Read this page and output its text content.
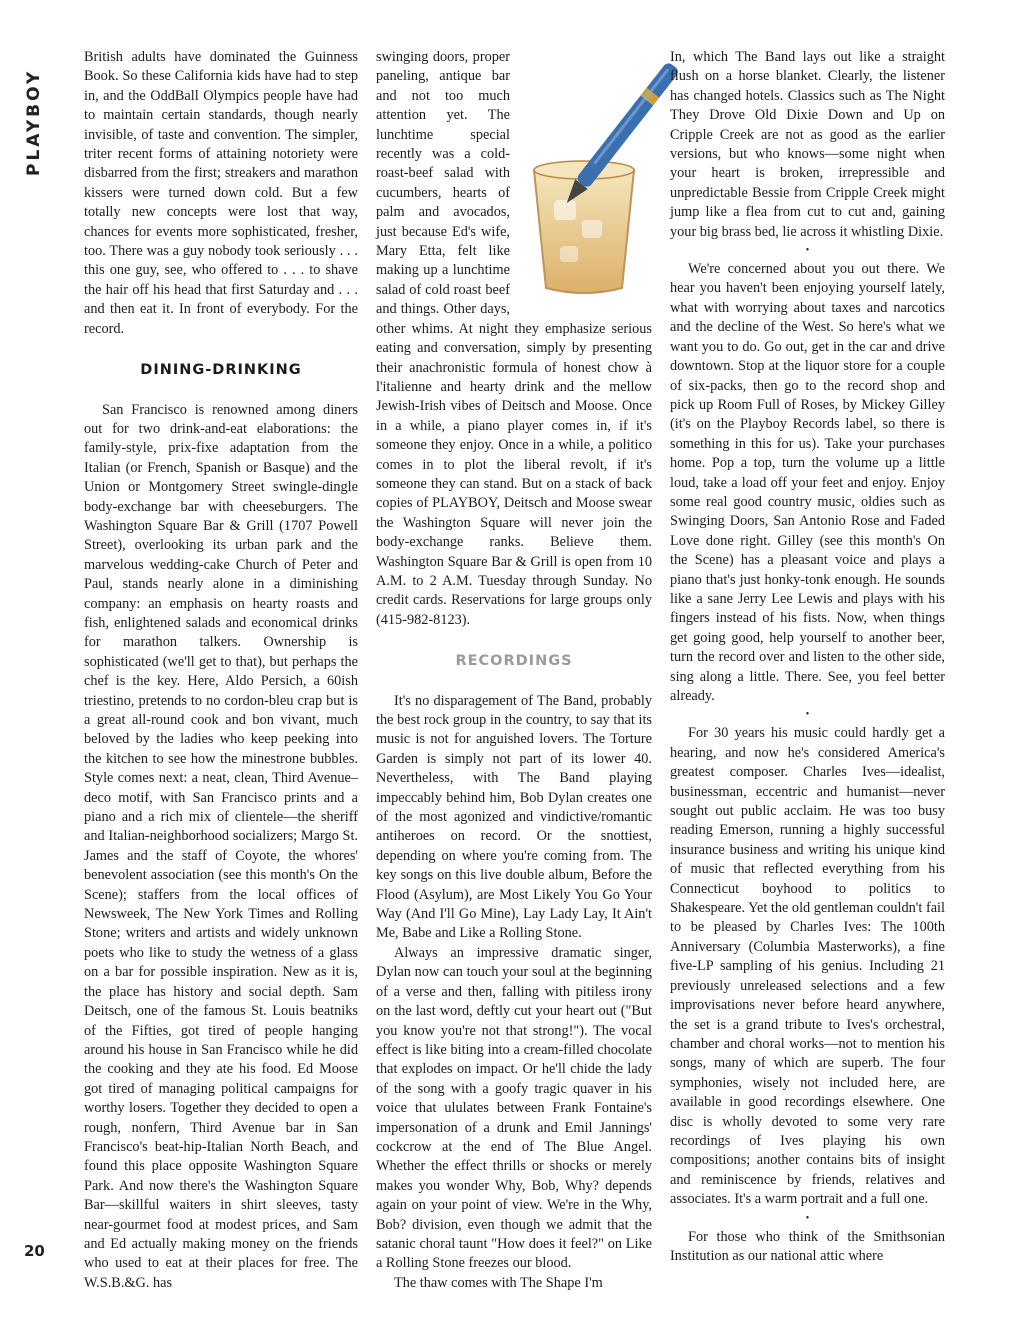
PLAYBOY
20

British adults have dominated the Guinness Book. So these California kids have had to step in, and the OddBall Olympics people have had to maintain certain standards, though nearly invisible, of taste and convention. The simpler, triter recent forms of attaining notoriety were disbarred from the first; streakers and marathon kissers were turned down cold. But a few totally new concepts were lost that way, chances for events more sophisticated, fresher, too. There was a guy nobody took seriously . . . this one guy, see, who offered to . . . to shave the hair off his head that first Saturday and . . . and then eat it. In front of everybody. For the record.

DINING-DRINKING

San Francisco is renowned among diners out for two drink-and-eat elaborations: the family-style, prix-fixe adaptation from the Italian (or French, Spanish or Basque) and the Union or Montgomery Street swingle-dingle body-exchange bar with cheeseburgers. The Washington Square Bar & Grill (1707 Powell Street), overlooking its urban park and the marvelous wedding-cake Church of Peter and Paul, stands nearly alone in a diminishing company: an emphasis on hearty roasts and fish, enlightened salads and economical drinks for marathon talkers. Ownership is sophisticated (we'll get to that), but perhaps the chef is the key. Here, Aldo Persich, a 60ish triestino, pretends to no cordon-bleu crap but is a great all-round cook and bon vivant, much beloved by the ladies who keep peeking into the kitchen to see how the minestrone bubbles. Style comes next: a neat, clean, Third Avenue–deco motif, with San Francisco prints and a piano and a rich mix of clientele—the sheriff and Italian-neighborhood socializers; Margo St. James and the staff of Coyote, the whores' benevolent association (see this month's On the Scene); staffers from the local offices of Newsweek, The New York Times and Rolling Stone; writers and artists and widely unknown poets who like to study the wetness of a glass on a bar for possible inspiration. New as it is, the place has history and social depth. Sam Deitsch, one of the famous St. Louis beatniks of the Fifties, got tired of people hanging around his house in San Francisco while he did the cooking and they ate his food. Ed Moose got tired of managing political campaigns for worthy losers. Together they decided to open a rough, nonfern, Third Avenue bar in San Francisco's beat-hip-Italian North Beach, and found this place opposite Washington Square Park. And now there's the Washington Square Bar—skillful waiters in shirt sleeves, tasty near-gourmet food at modest prices, and Sam and Ed actually making money on the friends who used to eat at their places for free. The W.S.B.&G. has

swinging doors, proper paneling, antique bar and not too much attention yet. The lunchtime special recently was a cold-roast-beef salad with cucumbers, hearts of palm and avocados, just because Ed's wife, Mary Etta, felt like making up a lunchtime salad of cold roast beef and things. Other days, other whims. At night they emphasize serious eating and conversation, simply by presenting their anachronistic formula of honest chow à l'italienne and hearty drink and the mellow Jewish-Irish vibes of Deitsch and Moose. Once in a while, a piano player comes in, if it's someone they enjoy. Once in a while, a politico comes in to plot the liberal revolt, if it's someone they can stand. But on a stack of back copies of PLAYBOY, Deitsch and Moose swear the Washington Square will never join the body-exchange ranks. Believe them. Washington Square Bar & Grill is open from 10 A.M. to 2 A.M. Tuesday through Sunday. No credit cards. Reservations for large groups only (415-982-8123).

RECORDINGS

It's no disparagement of The Band, probably the best rock group in the country, to say that its music is not for anguished lovers. The Torture Garden is simply not part of its lower 40. Nevertheless, with The Band playing impeccably behind him, Bob Dylan creates one of the most agonized and vindictive/romantic antiheroes on record. Or the snottiest, depending on where you're coming from. The key songs on this live double album, Before the Flood (Asylum), are Most Likely You Go Your Way (And I'll Go Mine), Lay Lady Lay, It Ain't Me, Babe and Like a Rolling Stone.

Always an impressive dramatic singer, Dylan now can touch your soul at the beginning of a verse and then, falling with pitiless irony on the last word, deftly cut your heart out ("But you know you're not that strong!"). The vocal effect is like biting into a cream-filled chocolate that explodes on impact. Or he'll chide the lady of the song with a goofy tragic quaver in his voice that ululates between Frank Fontaine's impersonation of a drunk and Emil Jannings' cockcrow at the end of The Blue Angel. Whether the effect thrills or shocks or merely makes you wonder Why, Bob, Why? depends again on your point of view. We're in the Why, Bob? division, even though we admit that the satanic choral taunt "How does it feel?" on Like a Rolling Stone freezes our blood.

The thaw comes with The Shape I'm

In, which The Band lays out like a straight flush on a horse blanket. Clearly, the listener has changed hotels. Classics such as The Night They Drove Old Dixie Down and Up on Cripple Creek are not as good as the earlier versions, but who knows—some night when your heart is broken, irrepressible and unpredictable Bessie from Cripple Creek might jump like a flea from cut to cut and, gaining your big brass bed, lie across it whistling Dixie.

•

We're concerned about you out there. We hear you haven't been enjoying yourself lately, what with worrying about taxes and narcotics and the decline of the West. So here's what we want you to do. Go out, get in the car and drive downtown. Stop at the liquor store for a couple of six-packs, then go to the record shop and pick up Room Full of Roses, by Mickey Gilley (it's on the Playboy Records label, so there is something in this for us). Take your purchases home. Pop a top, turn the volume up a little loud, take a load off your feet and enjoy. Enjoy some real good country music, oldies such as Swinging Doors, San Antonio Rose and Faded Love done right. Gilley (see this month's On the Scene) has a pleasant voice and plays a piano that's just honky-tonk enough. He sounds like a sane Jerry Lee Lewis and plays with his fingers instead of his fists. Now, when things get going good, help yourself to another beer, turn the record over and listen to the other side, sing along a little. There. See, you feel better already.

•

For 30 years his music could hardly get a hearing, and now he's considered America's greatest composer. Charles Ives—idealist, businessman, eccentric and humanist—never sought out public acclaim. He was too busy reading Emerson, running a highly successful insurance business and writing his unique kind of music that reflected everything from his Connecticut boyhood to politics to Shakespeare. Yet the old gentleman couldn't fail to be pleased by Charles Ives: The 100th Anniversary (Columbia Masterworks), a fine five-LP sampling of his genius. Including 21 previously unreleased selections and a few improvisations never before heard anywhere, the set is a grand tribute to Ives's orchestral, chamber and choral works—not to mention his songs, many of which are superb. The four symphonies, wisely not included here, are available in good recordings elsewhere. One disc is wholly devoted to some very rare recordings of Ives playing his own compositions; another contains bits of insight and reminiscence by friends, relatives and associates. It's a warm portrait and a full one.

•

For those who think of the Smithsonian Institution as our national attic where
